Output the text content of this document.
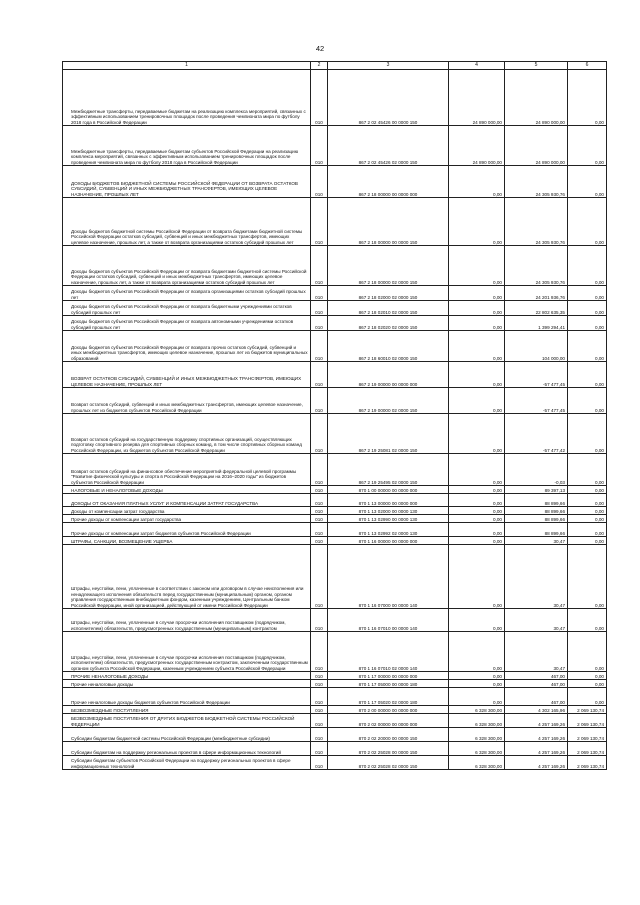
42
1	2	3	4	5	6
Межбюджетные трансферты, передаваемые бюджетам на реализацию комплекса мероприятий, связанных с эффективным использованием тренировочных площадок после проведения чемпионата мира по футболу 2018 года в Российской Федерации	010	867 2 02 45426 00 0000 150	24 890 000,00	24 890 000,00	0,00
Межбюджетные трансферты, передаваемые бюджетам субъектов Российской Федерации на реализацию комплекса мероприятий, связанных с эффективным использованием тренировочных площадок после проведения чемпионата мира по футболу 2018 года в Российской Федерации	010	867 2 02 45426 02 0000 150	24 890 000,00	24 890 000,00	0,00
ДОХОДЫ БЮДЖЕТОВ БЮДЖЕТНОЙ СИСТЕМЫ РОССИЙСКОЙ ФЕДЕРАЦИИ ОТ ВОЗВРАТА ОСТАТКОВ СУБСИДИЙ, СУБВЕНЦИЙ И ИНЫХ МЕЖБЮДЖЕТНЫХ ТРАНСФЕРТОВ, ИМЕЮЩИХ ЦЕЛЕВОЕ НАЗНАЧЕНИЕ, ПРОШЛЫХ ЛЕТ	010	867 2 18 00000 00 0000 000	0,00	24 305 930,76	0,00
Доходы бюджетов бюджетной системы Российской Федерации от возврата бюджетами бюджетной системы Российской Федерации остатков субсидий, субвенций и иных межбюджетных трансфертов, имеющих целевое назначение, прошлых лет, а также от возврата организациями остатков субсидий прошлых лет	010	867 2 18 00000 00 0000 150	0,00	24 305 930,76	0,00
Доходы бюджетов субъектов Российской Федерации от возврата бюджетами бюджетной системы Российской Федерации остатков субсидий, субвенций и иных межбюджетных трансфертов, имеющих целевое назначение, прошлых лет, а также от возврата организациями остатков субсидий прошлых лет	010	867 2 18 00000 02 0000 150	0,00	24 305 930,76	0,00
Доходы бюджетов субъектов Российской Федерации от возврата организациями остатков субсидий прошлых лет	010	867 2 18 02000 02 0000 150	0,00	24 201 936,76	0,00
Доходы бюджетов субъектов Российской Федерации от возврата бюджетными учреждениями остатков субсидий прошлых лет	010	867 2 18 02010 02 0000 150	0,00	22 802 635,35	0,00
Доходы бюджетов субъектов Российской Федерации от возврата автономными учреждениями остатков субсидий прошлых лет	010	867 2 18 02020 02 0000 150	0,00	1 399 294,41	0,00
Доходы бюджетов субъектов Российской Федерации от возврата прочих остатков субсидий, субвенций и иных межбюджетных трансфертов, имеющих целевое назначение, прошлых лет из бюджетов муниципальных образований	010	867 2 18 60010 02 0000 150	0,00	104 000,00	0,00
ВОЗВРАТ ОСТАТКОВ СУБСИДИЙ, СУБВЕНЦИЙ И ИНЫХ МЕЖБЮДЖЕТНЫХ ТРАНСФЕРТОВ, ИМЕЮЩИХ ЦЕЛЕВОЕ НАЗНАЧЕНИЕ, ПРОШЛЫХ ЛЕТ	010	867 2 19 00000 00 0000 000	0,00	-57 477,45	0,00
Возврат остатков субсидий, субвенций и иных межбюджетных трансфертов, имеющих целевое назначение, прошлых лет из бюджетов субъектов Российской Федерации	010	867 2 19 00000 02 0000 150	0,00	-57 477,45	0,00
Возврат остатков субсидий на государственную поддержку спортивных организаций, осуществляющих подготовку спортивного резерва для спортивных сборных команд, в том числе спортивных сборных команд Российской Федерации, из бюджетов субъектов Российской Федерации	010	867 2 19 25081 02 0000 150	0,00	-57 477,42	0,00
Возврат остатков субсидий на финансовое обеспечение мероприятий федеральной целевой программы "Развитие физической культуры и спорта в Российской Федерации на 2016–2020 годы" из бюджетов субъектов Российской Федерации	010	867 2 19 25495 02 0000 150	0,00	-0,03	0,00
НАЛОГОВЫЕ И НЕНАЛОГОВЫЕ ДОХОДЫ	010	870 1 00 00000 00 0000 000	0,00	89 397,13	0,00
ДОХОДЫ ОТ ОКАЗАНИЯ ПЛАТНЫХ УСЛУГ И КОМПЕНСАЦИИ ЗАТРАТ ГОСУДАРСТВА	010	870 1 13 00000 00 0000 000	0,00	88 899,66	0,00
Доходы от компенсации затрат государства	010	870 1 13 02000 00 0000 130	0,00	88 899,66	0,00
Прочие доходы от компенсации затрат государства	010	870 1 13 02990 00 0000 130	0,00	88 899,66	0,00
Прочие доходы от компенсации затрат бюджетов субъектов Российской Федерации	010	870 1 13 02992 02 0000 130	0,00	88 899,66	0,00
ШТРАФЫ, САНКЦИИ, ВОЗМЕЩЕНИЕ УЩЕРБА	010	870 1 16 00000 00 0000 000	0,00	30,47	0,00
Штрафы, неустойки, пени, уплаченные в соответствии с законом или договором в случае неисполнения или ненадлежащего исполнения обязательств перед государственным (муниципальным) органом, органом управления государственным внебюджетным фондом, казенным учреждением, Центральным банком Российской Федерации, иной организацией, действующей от имени Российской Федерации	010	870 1 16 07000 00 0000 140	0,00	30,47	0,00
Штрафы, неустойки, пени, уплаченные в случае просрочки исполнения поставщиком (подрядчиком, исполнителем) обязательств, предусмотренных государственным (муниципальным) контрактом	010	870 1 16 07010 00 0000 140	0,00	30,47	0,00
Штрафы, неустойки, пени, уплаченные в случае просрочки исполнения поставщиком (подрядчиком, исполнителем) обязательств, предусмотренных государственным контрактом, заключенным государственным органом субъекта Российской Федерации, казенным учреждением субъекта Российской Федерации	010	870 1 16 07010 02 0000 140	0,00	30,47	0,00
ПРОЧИЕ НЕНАЛОГОВЫЕ ДОХОДЫ	010	870 1 17 00000 00 0000 000	0,00	467,00	0,00
Прочие неналоговые доходы	010	870 1 17 05000 00 0000 180	0,00	467,00	0,00
Прочие неналоговые доходы бюджетов субъектов Российской Федерации	010	870 1 17 05020 02 0000 180	0,00	467,00	0,00
БЕЗВОЗМЕЗДНЫЕ ПОСТУПЛЕНИЯ	010	870 2 00 00000 00 0000 000	6 328 300,00	4 302 165,96	2 069 130,74
БЕЗВОЗМЕЗДНЫЕ ПОСТУПЛЕНИЯ ОТ ДРУГИХ БЮДЖЕТОВ БЮДЖЕТНОЙ СИСТЕМЫ РОССИЙСКОЙ ФЕДЕРАЦИИ	010	870 2 02 00000 00 0000 000	6 328 300,00	4 257 169,26	2 069 130,74
Субсидии бюджетам бюджетной системы Российской Федерации (межбюджетные субсидии)	010	870 2 02 20000 00 0000 150	6 328 300,00	4 257 169,26	2 069 130,74
Субсидии бюджетам на поддержку региональных проектов в сфере информационных технологий	010	870 2 02 25028 00 0000 150	6 328 300,00	4 257 169,26	2 069 130,74
Субсидии бюджетам субъектов Российской Федерации на поддержку региональных проектов в сфере информационных технологий	010	870 2 02 25028 02 0000 150	6 328 300,00	4 257 169,26	2 069 130,74
